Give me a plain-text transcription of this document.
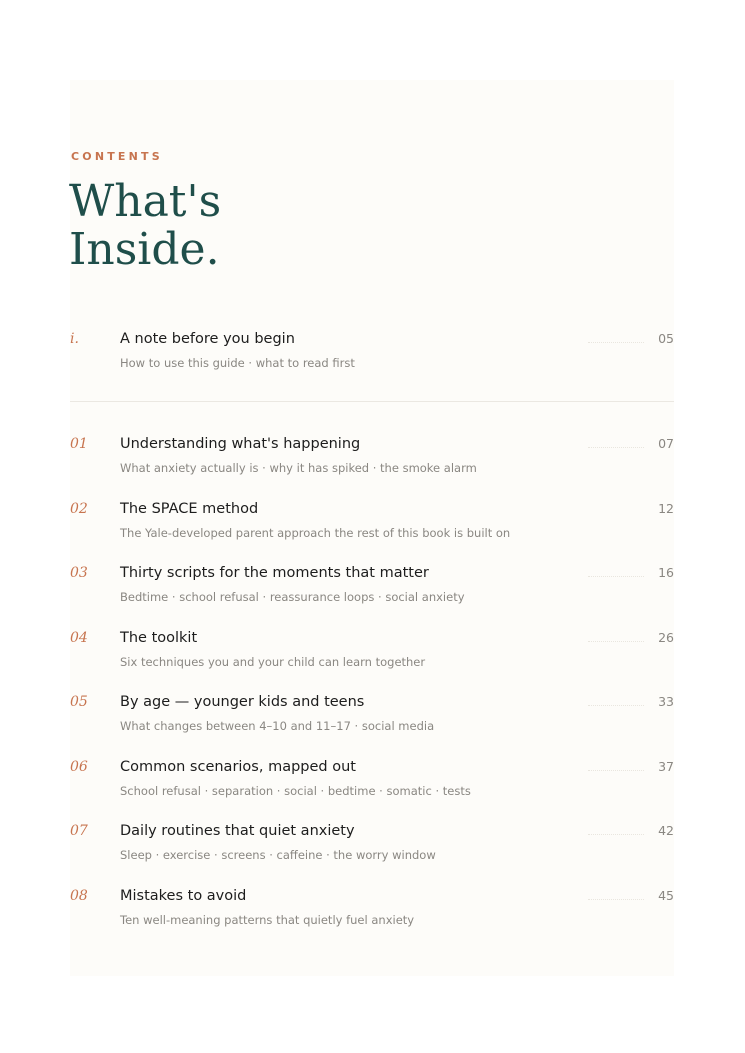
CONTENTS
What's
Inside.
i.	A note before you begin
How to use this guide · what to read first
05
01 Understanding what's happening
What anxiety actually is · why it has spiked · the smoke alarm
07
02 The SPACE method
The Yale-developed parent approach the rest of this book is built on
12
03 Thirty scripts for the moments that matter
Bedtime · school refusal · reassurance loops · social anxiety
16
04 The toolkit
Six techniques you and your child can learn together
26
05 By age — younger kids and teens
What changes between 4–10 and 11–17 · social media
33
06 Common scenarios, mapped out
School refusal · separation · social · bedtime · somatic · tests
37
07 Daily routines that quiet anxiety
Sleep · exercise · screens · caffeine · the worry window
42
08 Mistakes to avoid
Ten well-meaning patterns that quietly fuel anxiety
45
